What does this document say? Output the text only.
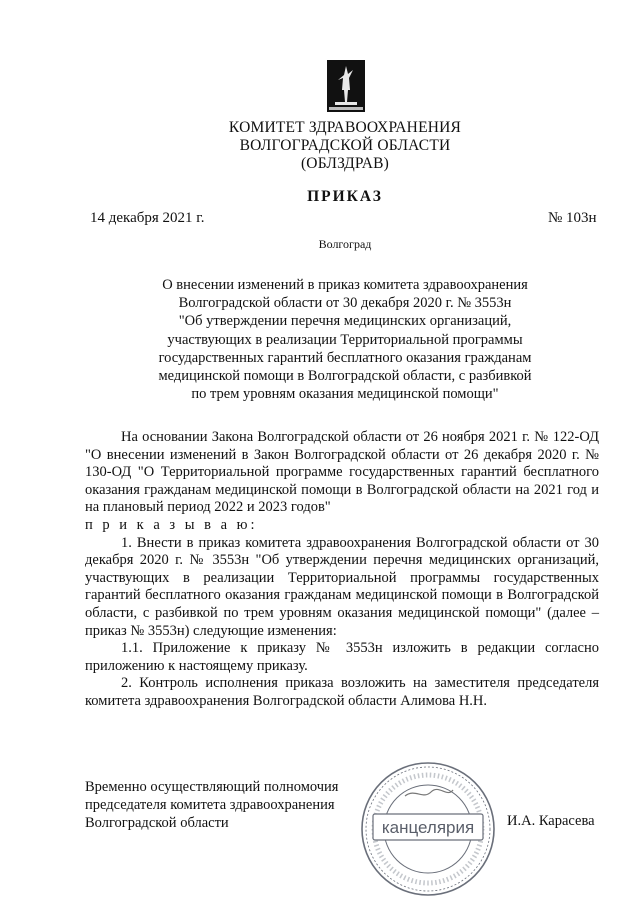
КОМИТЕТ ЗДРАВООХРАНЕНИЯ
ВОЛГОГРАДСКОЙ ОБЛАСТИ
(ОБЛЗДРАВ)
ПРИКАЗ
14 декабря 2021 г.	№ 103н
Волгоград
О внесении изменений в приказ комитета здравоохранения
Волгоградской области от 30 декабря 2020 г. № 3553н
"Об утверждении перечня медицинских организаций,
участвующих в реализации Территориальной программы
государственных гарантий бесплатного оказания гражданам
медицинской помощи в Волгоградской области, с разбивкой
по трем уровням оказания медицинской помощи"

На основании Закона Волгоградской области от 26 ноября 2021 г. № 122-ОД "О внесении изменений в Закон Волгоградской области от 26 декабря 2020 г. № 130-ОД "О Территориальной программе государственных гарантий бесплатного оказания гражданам медицинской помощи в Волгоградской области на 2021 год и на плановый период 2022 и 2023 годов"

п р и к а з ы в а ю:

1. Внести в приказ комитета здравоохранения Волгоградской области от 30 декабря 2020 г. № 3553н "Об утверждении перечня медицинских организаций, участвующих в реализации Территориальной программы государственных гарантий бесплатного оказания гражданам медицинской помощи в Волгоградской области, с разбивкой по трем уровням оказания медицинской помощи" (далее – приказ № 3553н) следующие изменения:

1.1. Приложение к приказу № 3553н изложить в редакции согласно приложению к настоящему приказу.

2. Контроль исполнения приказа возложить на заместителя председателя комитета здравоохранения Волгоградской области Алимова Н.Н.

Временно осуществляющий полномочия
председателя комитета здравоохранения
Волгоградской области	канцелярия И.А. Карасева
